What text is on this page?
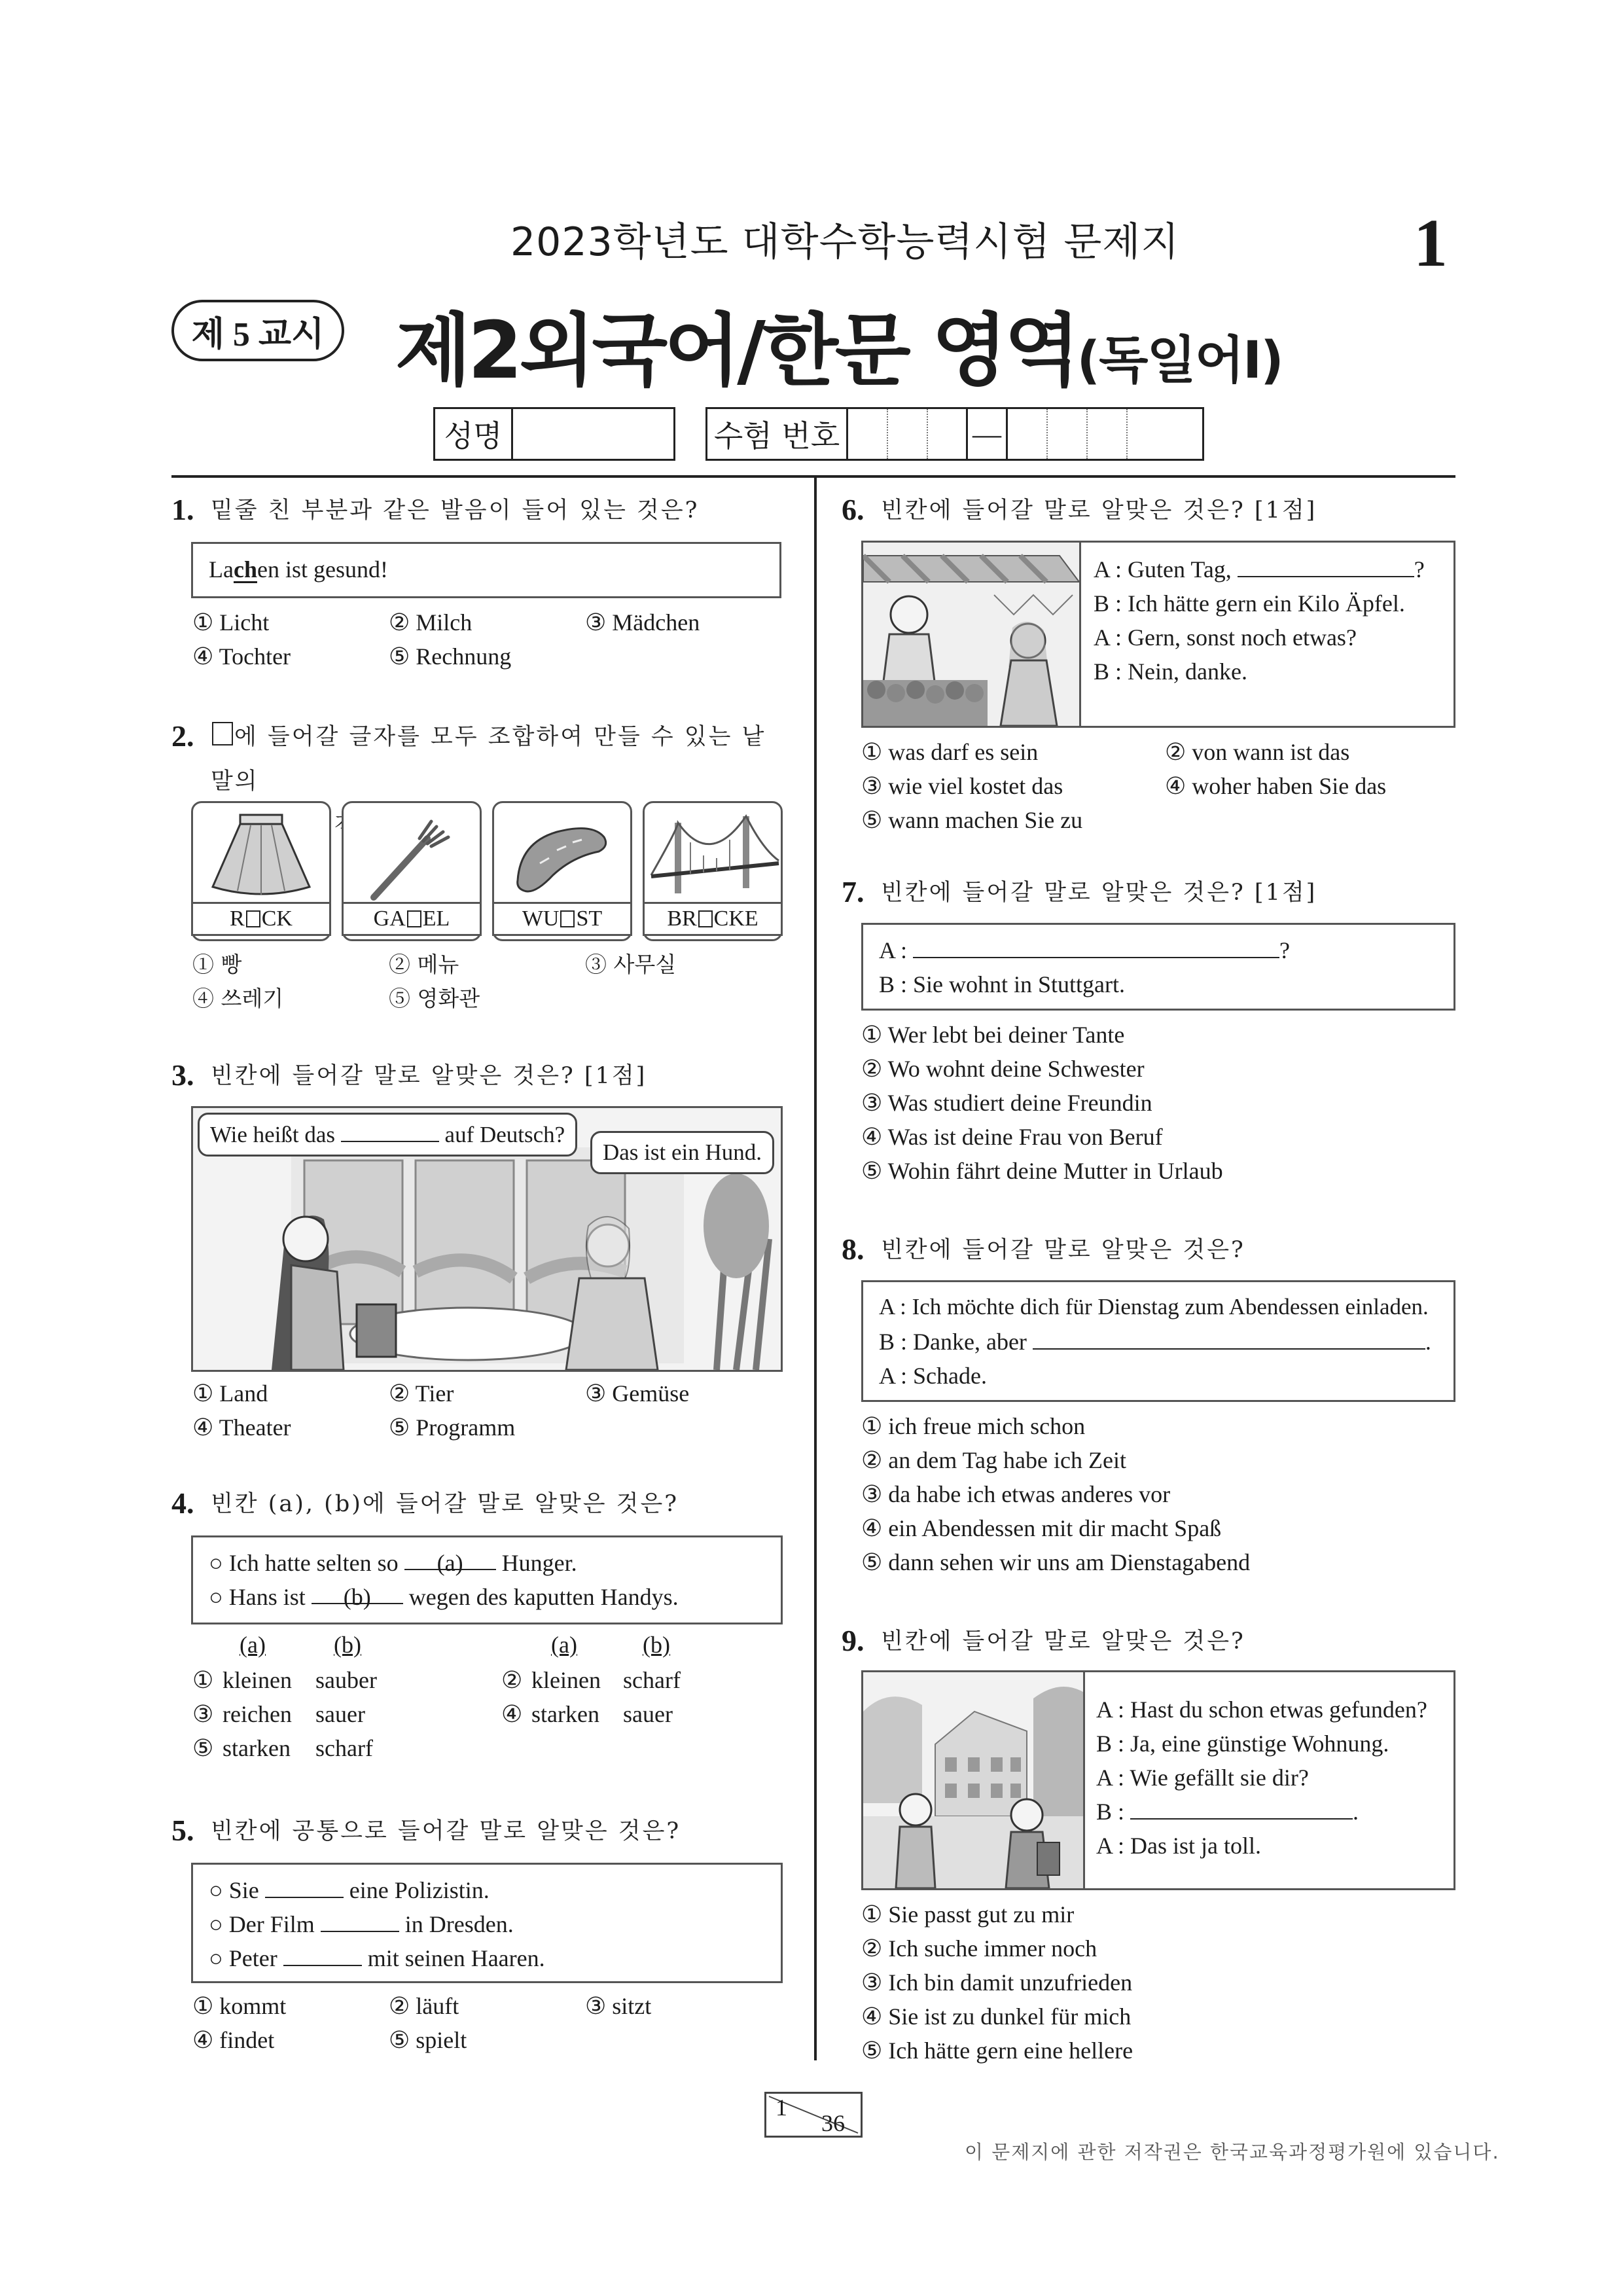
2023학년도 대학수학능력시험 문제지	1
제 5 교시 제2외국어/한문 영역(독일어Ⅰ)
성명	수험 번호	—
1. 밑줄 친 부분과 같은 발음이 들어 있는 것은?
Lachen ist gesund!
① Licht	② Milch	③ Mädchen
④ Tochter	⑤ Rechnung
2.	에 들어갈 글자를 모두 조합하여 만들 수 있는 낱말의
[1점]
R CK	GA EL	WU ST	BR CKE
① 빵	② 메뉴	③ 사무실
④ 쓰레기	⑤ 영화관
3. 빈칸에 들어갈 말로 알맞은 것은? [1점]
Wie heißt das	auf Deutsch?
Das ist ein Hund.
① Land	② Tier	③ Gemüse
④ Theater	⑤ Programm
4. 빈칸 (a), (b)에 들어갈 말로 알맞은 것은?
○ Ich hatte selten so (a) Hunger.
○ Hans ist (b) wegen des kaputten Handys.
(a)	(b)	(a)	(b)
① kleinen sauber	② kleinen scharf
③ reichen sauer	④ starken sauer
⑤ starken scharf
5. 빈칸에 공통으로 들어갈 말로 알맞은 것은?
○ Sie	eine Polizistin.
○ Der Film	in Dresden.
○ Peter	mit seinen Haaren.
① kommt	② läuft	③ sitzt
④ findet	⑤ spielt
6. 빈칸에 들어갈 말로 알맞은 것은? [1점]
A : Guten Tag,	?
B : Ich hätte gern ein Kilo Äpfel.
A : Gern, sonst noch etwas?
B : Nein, danke.
① was darf es sein	② von wann ist das
③ wie viel kostet das	④ woher haben Sie das
⑤ wann machen Sie zu
7. 빈칸에 들어갈 말로 알맞은 것은? [1점]
A :	?
B : Sie wohnt in Stuttgart.
① Wer lebt bei deiner Tante
② Wo wohnt deine Schwester
③ Was studiert deine Freundin
④ Was ist deine Frau von Beruf
⑤ Wohin fährt deine Mutter in Urlaub
8. 빈칸에 들어갈 말로 알맞은 것은?
A : Ich möchte dich für Dienstag zum Abendessen einladen.
B : Danke, aber	.
A : Schade.
① ich freue mich schon
② an dem Tag habe ich Zeit
③ da habe ich etwas anderes vor
④ ein Abendessen mit dir macht Spaß
⑤ dann sehen wir uns am Dienstagabend
9. 빈칸에 들어갈 말로 알맞은 것은?
A : Hast du schon etwas gefunden?
B : Ja, eine günstige Wohnung.
A : Wie gefällt sie dir?
B :	.
A : Das ist ja toll.
① Sie passt gut zu mir
② Ich suche immer noch
③ Ich bin damit unzufrieden
④ Sie ist zu dunkel für mich
⑤ Ich hätte gern eine hellere
1
36
이 문제지에 관한 저작권은 한국교육과정평가원에 있습니다.
